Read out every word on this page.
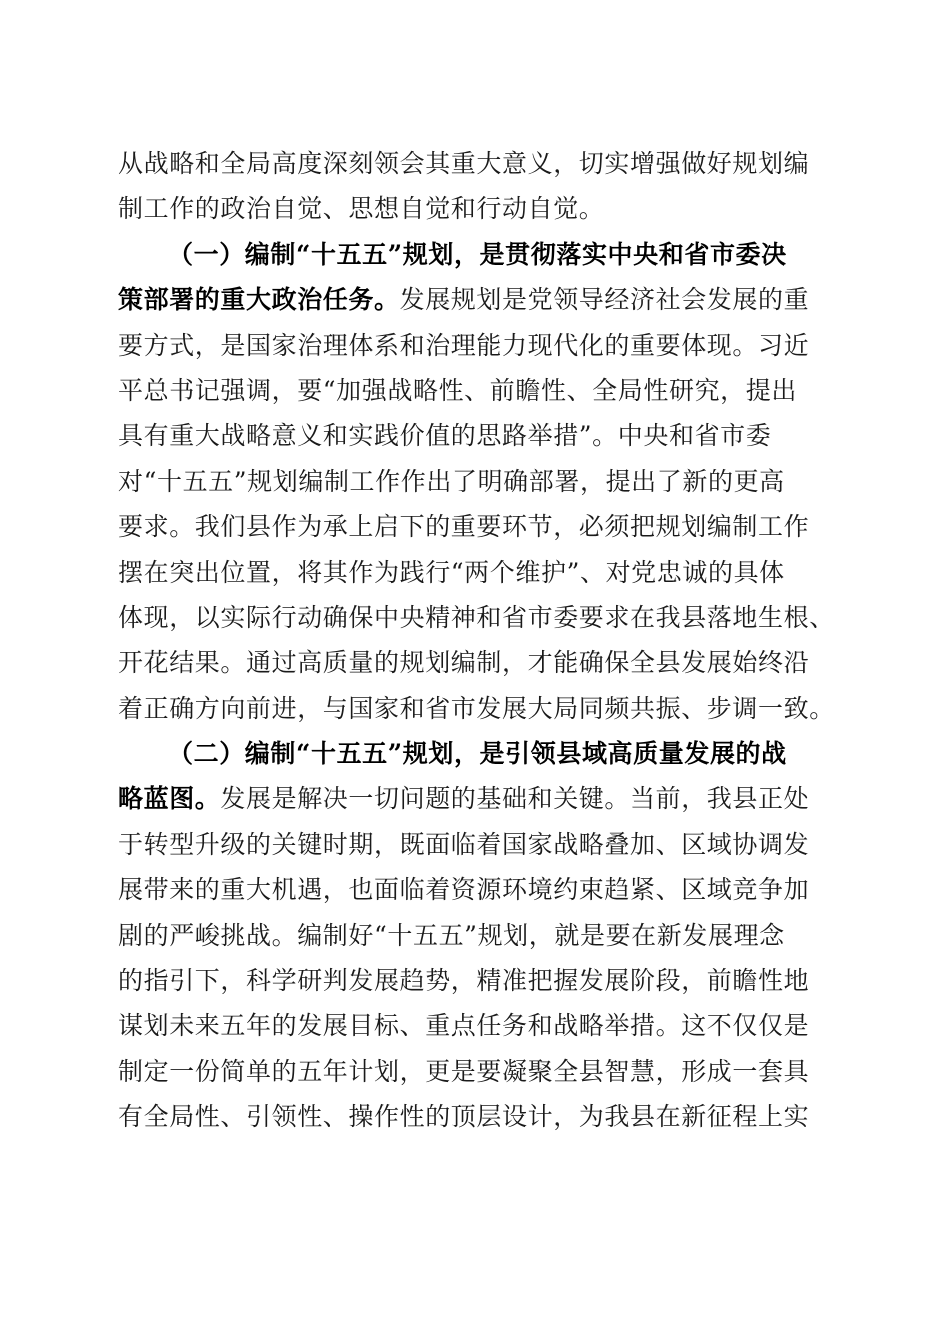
从战略和全局高度深刻领会其重大意义，切实增强做好规划编
制工作的政治自觉、思想自觉和行动自觉。
（一）编制“十五五”规划，是贯彻落实中央和省市委决
策部署的重大政治任务。发展规划是党领导经济社会发展的重
要方式，是国家治理体系和治理能力现代化的重要体现。习近
平总书记强调，要“加强战略性、前瞻性、全局性研究，提出
具有重大战略意义和实践价值的思路举措”。中央和省市委
对“十五五”规划编制工作作出了明确部署，提出了新的更高
要求。我们县作为承上启下的重要环节，必须把规划编制工作
摆在突出位置，将其作为践行“两个维护”、对党忠诚的具体
体现，以实际行动确保中央精神和省市委要求在我县落地生根、
开花结果。通过高质量的规划编制，才能确保全县发展始终沿
着正确方向前进，与国家和省市发展大局同频共振、步调一致。
（二）编制“十五五”规划，是引领县域高质量发展的战
略蓝图。发展是解决一切问题的基础和关键。当前，我县正处
于转型升级的关键时期，既面临着国家战略叠加、区域协调发
展带来的重大机遇，也面临着资源环境约束趋紧、区域竞争加
剧的严峻挑战。编制好“十五五”规划，就是要在新发展理念
的指引下，科学研判发展趋势，精准把握发展阶段，前瞻性地
谋划未来五年的发展目标、重点任务和战略举措。这不仅仅是
制定一份简单的五年计划，更是要凝聚全县智慧，形成一套具
有全局性、引领性、操作性的顶层设计，为我县在新征程上实
